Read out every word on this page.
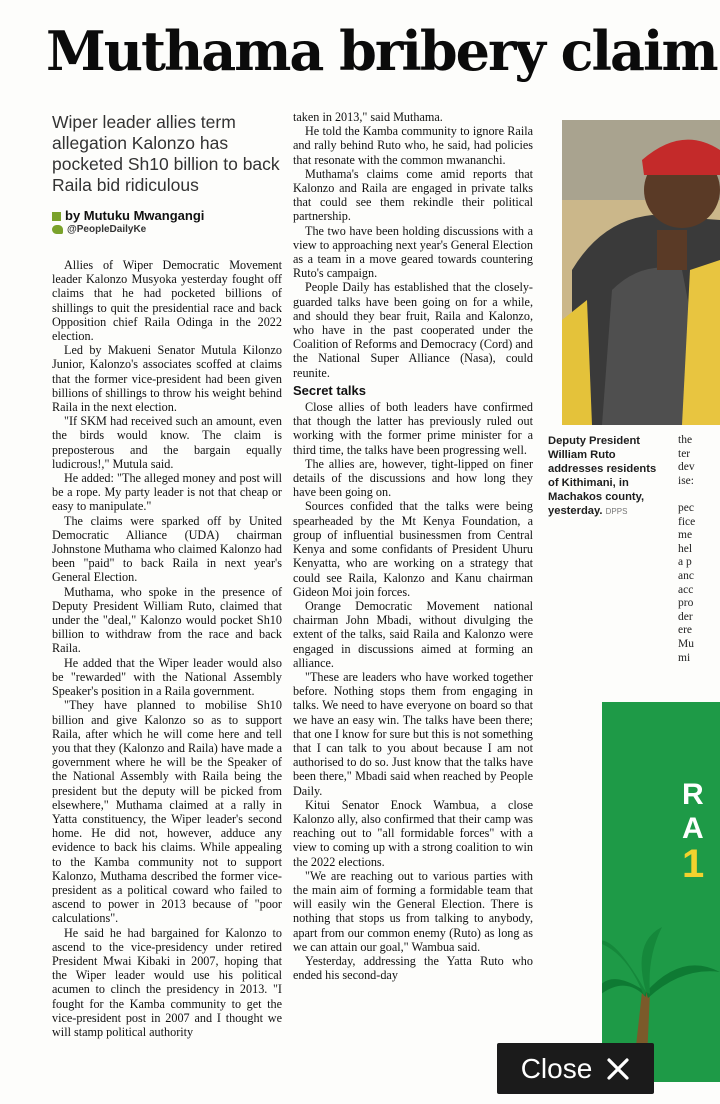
Muthama bribery claim
Wiper leader allies term allegation Kalonzo has pocketed Sh10 billion to back Raila bid ridiculous
by Mutuku Mwangangi
@PeopleDailyKe

Allies of Wiper Democratic Movement leader Kalonzo Musyoka yesterday fought off claims that he had pocketed billions of shillings to quit the presidential race and back Opposition chief Raila Odinga in the 2022 election.

Led by Makueni Senator Mutula Kilonzo Junior, Kalonzo's associates scoffed at claims that the former vice-president had been given billions of shillings to throw his weight behind Raila in the next election.

"If SKM had received such an amount, even the birds would know. The claim is preposterous and the bargain equally ludicrous!," Mutula said.

He added: "The alleged money and post will be a rope. My party leader is not that cheap or easy to manipulate."

The claims were sparked off by United Democratic Alliance (UDA) chairman Johnstone Muthama who claimed Kalonzo had been "paid" to back Raila in next year's General Election.

Muthama, who spoke in the presence of Deputy President William Ruto, claimed that under the "deal," Kalonzo would pocket Sh10 billion to withdraw from the race and back Raila.

He added that the Wiper leader would also be "rewarded" with the National Assembly Speaker's position in a Raila government.

"They have planned to mobilise Sh10 billion and give Kalonzo so as to support Raila, after which he will come here and tell you that they (Kalonzo and Raila) have made a government where he will be the Speaker of the National Assembly with Raila being the president but the deputy will be picked from elsewhere," Muthama claimed at a rally in Yatta constituency, the Wiper leader's second home. He did not, however, adduce any evidence to back his claims. While appealing to the Kamba community not to support Kalonzo, Muthama described the former vice-president as a political coward who failed to ascend to power in 2013 because of "poor calculations".

He said he had bargained for Kalonzo to ascend to the vice-presidency under retired President Mwai Kibaki in 2007, hoping that the Wiper leader would use his political acumen to clinch the presidency in 2013. "I fought for the Kamba community to get the vice-president post in 2007 and I thought we will stamp political authority

taken in 2013," said Muthama.

He told the Kamba community to ignore Raila and rally behind Ruto who, he said, had policies that resonate with the common mwananchi.

Muthama's claims come amid reports that Kalonzo and Raila are engaged in private talks that could see them rekindle their political partnership.

The two have been holding discussions with a view to approaching next year's General Election as a team in a move geared towards countering Ruto's campaign.

People Daily has established that the closely-guarded talks have been going on for a while, and should they bear fruit, Raila and Kalonzo, who have in the past cooperated under the Coalition of Reforms and Democracy (Cord) and the National Super Alliance (Nasa), could reunite.

Secret talks

Close allies of both leaders have confirmed that though the latter has previously ruled out working with the former prime minister for a third time, the talks have been progressing well.

The allies are, however, tight-lipped on finer details of the discussions and how long they have been going on.

Sources confided that the talks were being spearheaded by the Mt Kenya Foundation, a group of influential businessmen from Central Kenya and some confidants of President Uhuru Kenyatta, who are working on a strategy that could see Raila, Kalonzo and Kanu chairman Gideon Moi join forces.

Orange Democratic Movement national chairman John Mbadi, without divulging the extent of the talks, said Raila and Kalonzo were engaged in discussions aimed at forming an alliance.

"These are leaders who have worked together before. Nothing stops them from engaging in talks. We need to have everyone on board so that we have an easy win. The talks have been there; that one I know for sure but this is not something that I can talk to you about because I am not authorised to do so. Just know that the talks have been there," Mbadi said when reached by People Daily.

Kitui Senator Enock Wambua, a close Kalonzo ally, also confirmed that their camp was reaching out to "all formidable forces" with a view to coming up with a strong coalition to win the 2022 elections.

"We are reaching out to various parties with the main aim of forming a formidable team that will easily win the General Election. There is nothing that stops us from talking to anybody, apart from our common enemy (Ruto) as long as we can attain our goal," Wambua said.

Yesterday, addressing the Yatta Ruto who ended his second-day

Deputy President William Ruto addresses residents of Kithimani, in Machakos county, yesterday. DPPS
the
ter
dev
ise:
pec
fice
me
hel
a p
anc
acc
pro
der
ere
Mu
mi
R
A
1
Close
